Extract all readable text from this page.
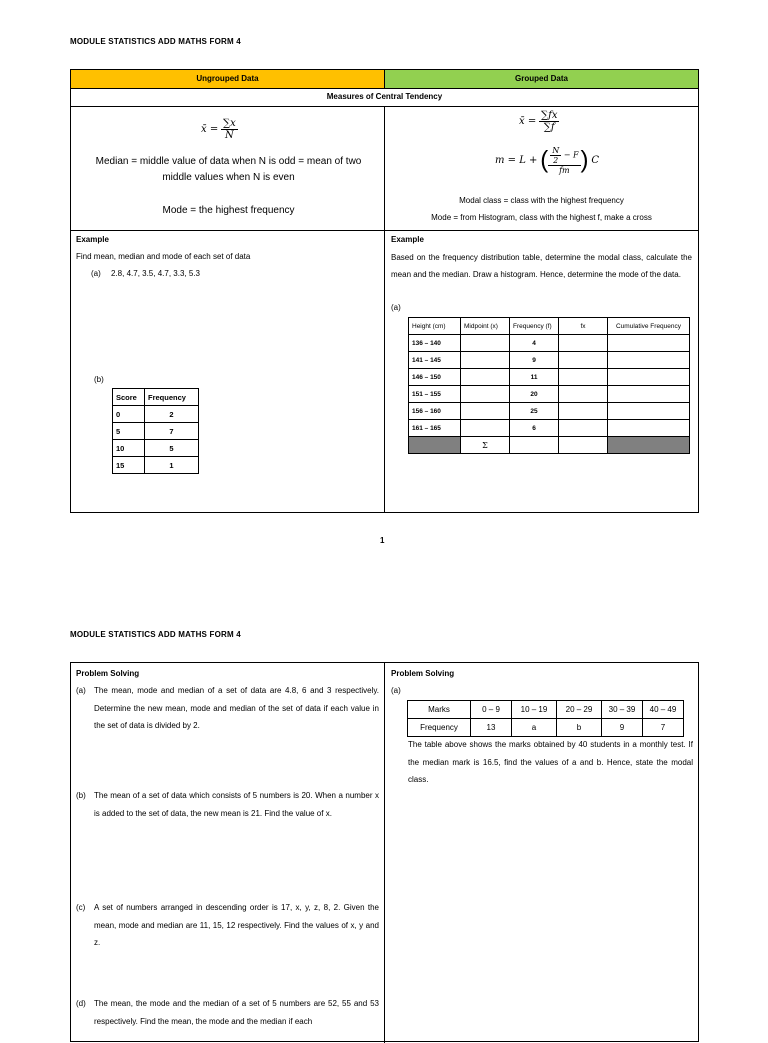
MODULE STATISTICS ADD MATHS FORM 4
Ungrouped Data	Grouped Data
Measures of Central Tendency
x̄ = $\frac{\sum x}{N}$
Median = middle value of data when N is odd = mean of two middle values when N is even
Mode = the highest frequency
x̄ = $\frac{\sum fx}{\sum f}$
m = L + ( $\frac{\frac{N}{2} - F}{fm}$ ) C
Modal class = class with the highest frequency
Mode = from Histogram, class with the highest f, make a cross
Example
Find mean, median and mode of each set of data
(a) 2.8, 4.7, 3.5, 4.7, 3.3, 5.3
(b)
Score	Frequency
0	2
5	7
10	5
15	1
Example
Based on the frequency distribution table, determine the modal class, calculate the mean and the median. Draw a histogram. Hence, determine the mode of the data.
(a)
Height (cm)	Midpoint (x)	Frequency (f)	fx	Cumulative Frequency
136 – 140		4		
141 – 145		9		
146 – 150		11		
151 – 155		20		
156 – 160		25		
161 – 165		6		
	Σ			
1
MODULE STATISTICS ADD MATHS FORM 4
Problem Solving	Problem Solving
(a) The mean, mode and median of a set of data are 4.8, 6 and 3 respectively. Determine the new mean, mode and median of the set of data if each value in the set of data is divided by 2.
(b) The mean of a set of data which consists of 5 numbers is 20. When a number x is added to the set of data, the new mean is 21. Find the value of x.
(c) A set of numbers arranged in descending order is 17, x, y, z, 8, 2. Given the mean, mode and median are 11, 15, 12 respectively. Find the values of x, y and z.
(d) The mean, the mode and the median of a set of 5 numbers are 52, 55 and 53 respectively. Find the mean, the mode and the median if each
(a)
Marks	0 – 9	10 – 19	20 – 29	30 – 39	40 – 49
Frequency	13	a	b	9	7
The table above shows the marks obtained by 40 students in a monthly test. If the median mark is 16.5, find the values of a and b. Hence, state the modal class.
